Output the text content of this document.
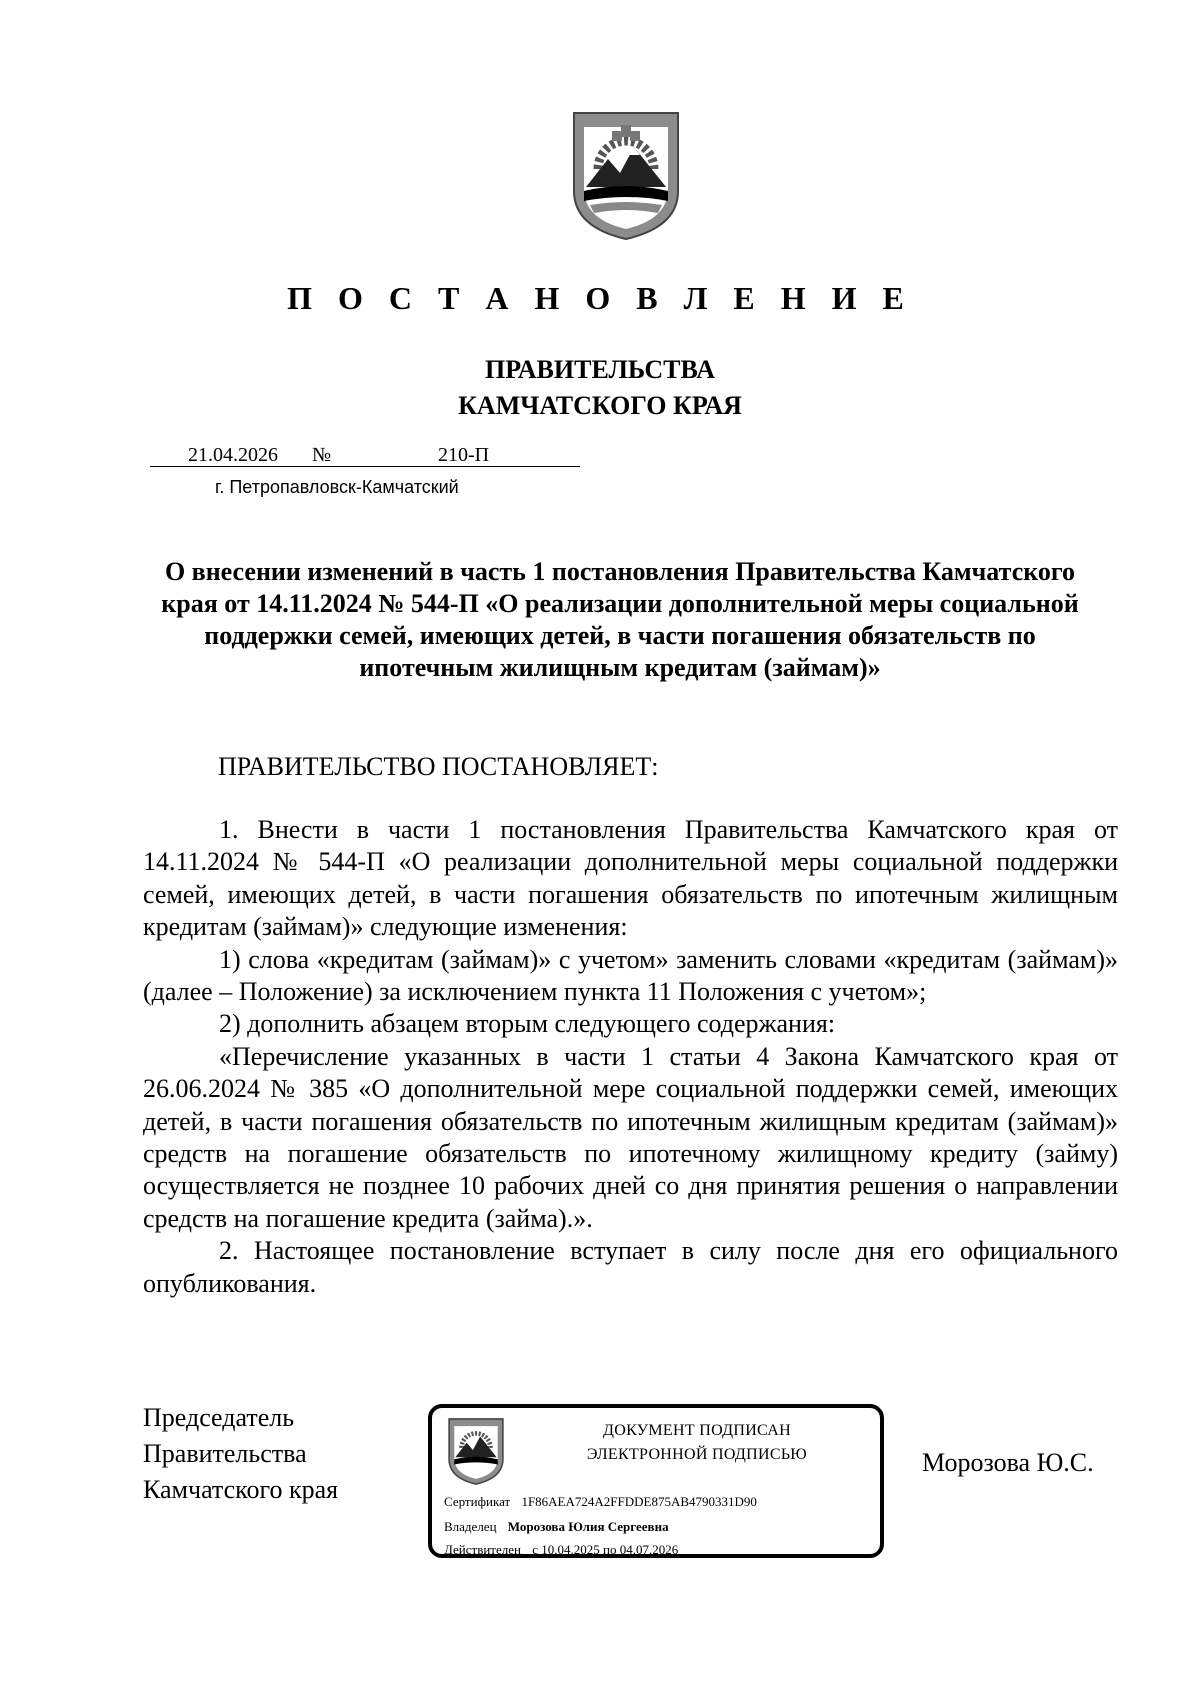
П О С Т А Н О В Л Е Н И Е
ПРАВИТЕЛЬСТВА
КАМЧАТСКОГО КРАЯ
21.04.2026 №	210-П
г. Петропавловск-Камчатский
О внесении изменений в часть 1 постановления Правительства Камчатского края от 14.11.2024 № 544-П «О реализации дополнительной меры социальной поддержки семей, имеющих детей, в части погашения обязательств по ипотечным жилищным кредитам (займам)»
ПРАВИТЕЛЬСТВО ПОСТАНОВЛЯЕТ:

1. Внести в части 1 постановления Правительства Камчатского края от 14.11.2024 № 544-П «О реализации дополнительной меры социальной поддержки семей, имеющих детей, в части погашения обязательств по ипотечным жилищным кредитам (займам)» следующие изменения:

1) слова «кредитам (займам)» с учетом» заменить словами «кредитам (займам)» (далее – Положение) за исключением пункта 11 Положения с учетом»;

2) дополнить абзацем вторым следующего содержания:

«Перечисление указанных в части 1 статьи 4 Закона Камчатского края от 26.06.2024 № 385 «О дополнительной мере социальной поддержки семей, имеющих детей, в части погашения обязательств по ипотечным жилищным кредитам (займам)» средств на погашение обязательств по ипотечному жилищному кредиту (займу) осуществляется не позднее 10 рабочих дней со дня принятия решения о направлении средств на погашение кредита (займа).».

2. Настоящее постановление вступает в силу после дня его официального опубликования.

Председатель
Правительства
Камчатского края
ДОКУМЕНТ ПОДПИСАН
ЭЛЕКТРОННОЙ ПОДПИСЬЮ
Сертификат 1F86AEA724A2FFDDE875AB4790331D90
Владелец Морозова Юлия Сергеевна
Действителен с 10.04.2025 по 04.07.2026
Морозова Ю.С.
